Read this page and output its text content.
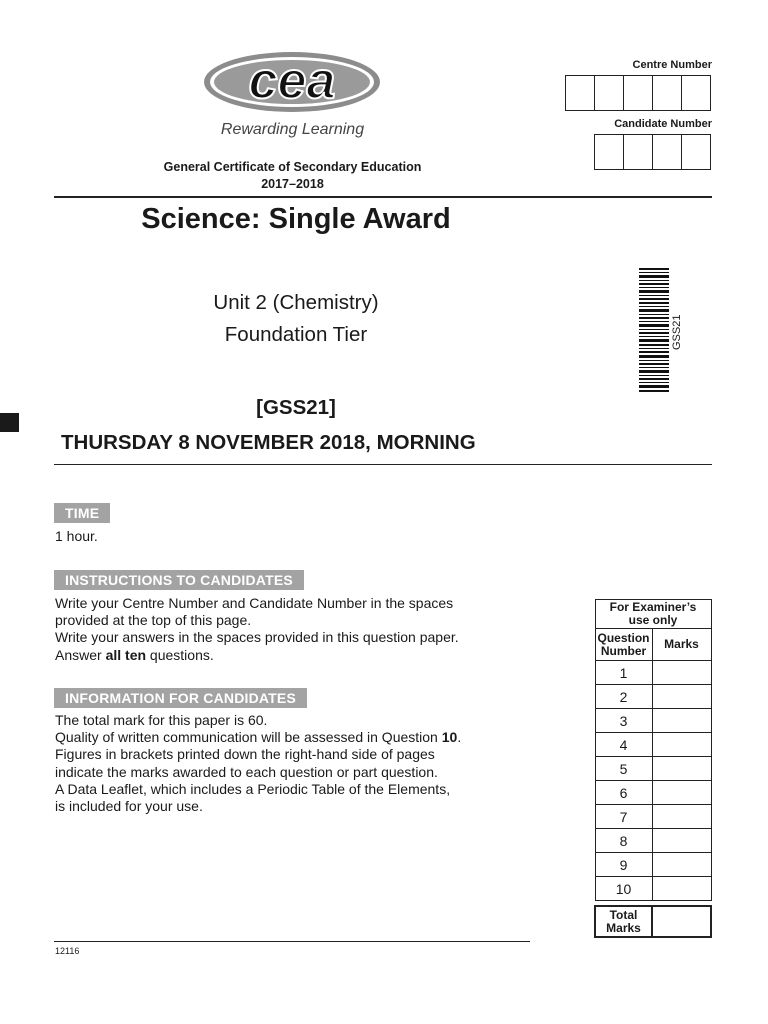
cea
Rewarding Learning
General Certificate of Secondary Education
2017–2018
Centre Number
Candidate Number
Science: Single Award
Unit 2 (Chemistry)
Foundation Tier	GSS21
[GSS21]
THURSDAY 8 NOVEMBER 2018, MORNING
TIME
1 hour.
INSTRUCTIONS TO CANDIDATES
Write your Centre Number and Candidate Number in the spaces
provided at the top of this page.
Write your answers in the spaces provided in this question paper.
Answer all ten questions.
INFORMATION FOR CANDIDATES
The total mark for this paper is 60.
Quality of written communication will be assessed in Question 10.
Figures in brackets printed down the right-hand side of pages
indicate the marks awarded to each question or part question.
A Data Leaflet, which includes a Periodic Table of the Elements,
is included for your use.
For Examiner’s
use only	

Question
Number	Marks
1	
2	
3	
4	
5	
6	
7	
8	
9	
10	

Total
Marks	

12116
